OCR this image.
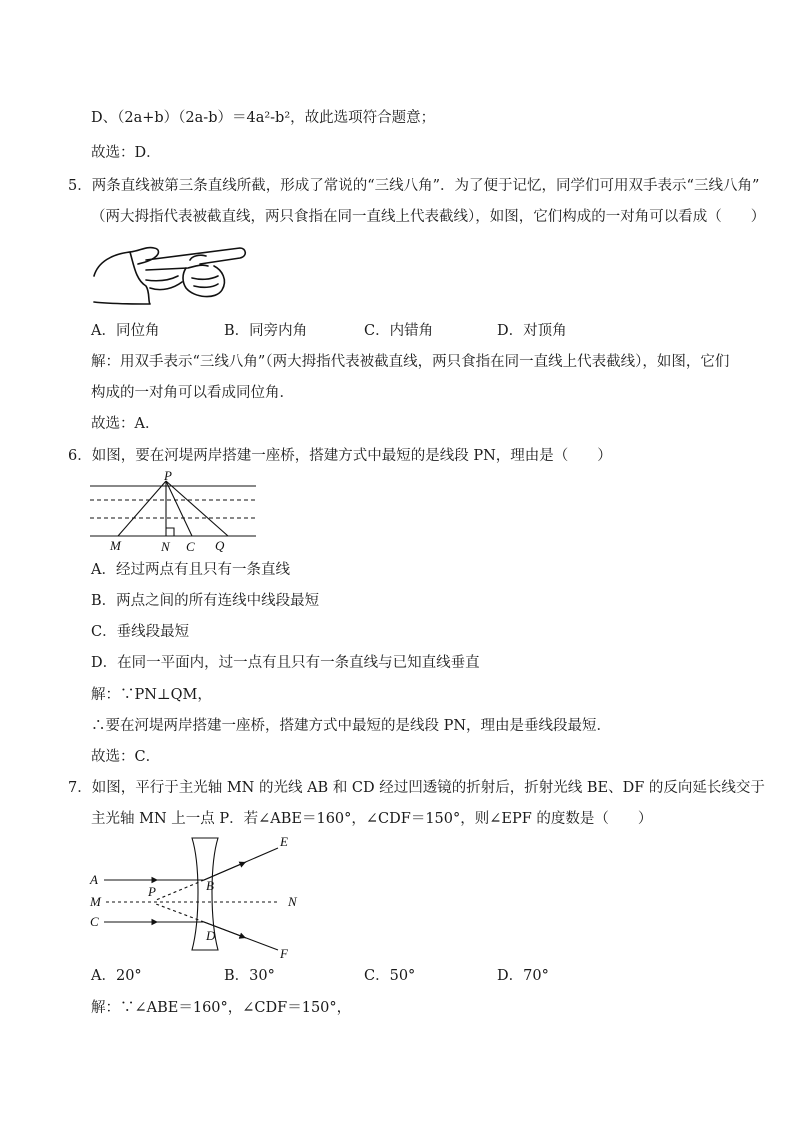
D、（2a+b）（2a-b）＝4a²-b²，故此选项符合题意；
故选：D．
5．两条直线被第三条直线所截，形成了常说的“三线八角”．为了便于记忆，同学们可用双手表示“三线八角”
（两大拇指代表被截直线，两只食指在同一直线上代表截线），如图，它们构成的一对角可以看成（　　）
A．同位角	B．同旁内角	C．内错角	D．对顶角
解：用双手表示“三线八角”（两大拇指代表被截直线，两只食指在同一直线上代表截线），如图，它们
构成的一对角可以看成同位角．
故选：A．
6．如图，要在河堤两岸搭建一座桥，搭建方式中最短的是线段 PN，理由是（　　）
P
M	N C Q
A．经过两点有且只有一条直线
B．两点之间的所有连线中线段最短
C．垂线段最短
D．在同一平面内，过一点有且只有一条直线与已知直线垂直
解：∵PN⊥QM，
∴要在河堤两岸搭建一座桥，搭建方式中最短的是线段 PN，理由是垂线段最短．
故选：C．
7．如图，平行于主光轴 MN 的光线 AB 和 CD 经过凹透镜的折射后，折射光线 BE、DF 的反向延长线交于
主光轴 MN 上一点 P．若∠ABE＝160°，∠CDF＝150°，则∠EPF 的度数是（　　）
A
M
C
P	B
D
N
E
F
A．20°	B．30°	C．50°	D．70°
解：∵∠ABE＝160°，∠CDF＝150°，
